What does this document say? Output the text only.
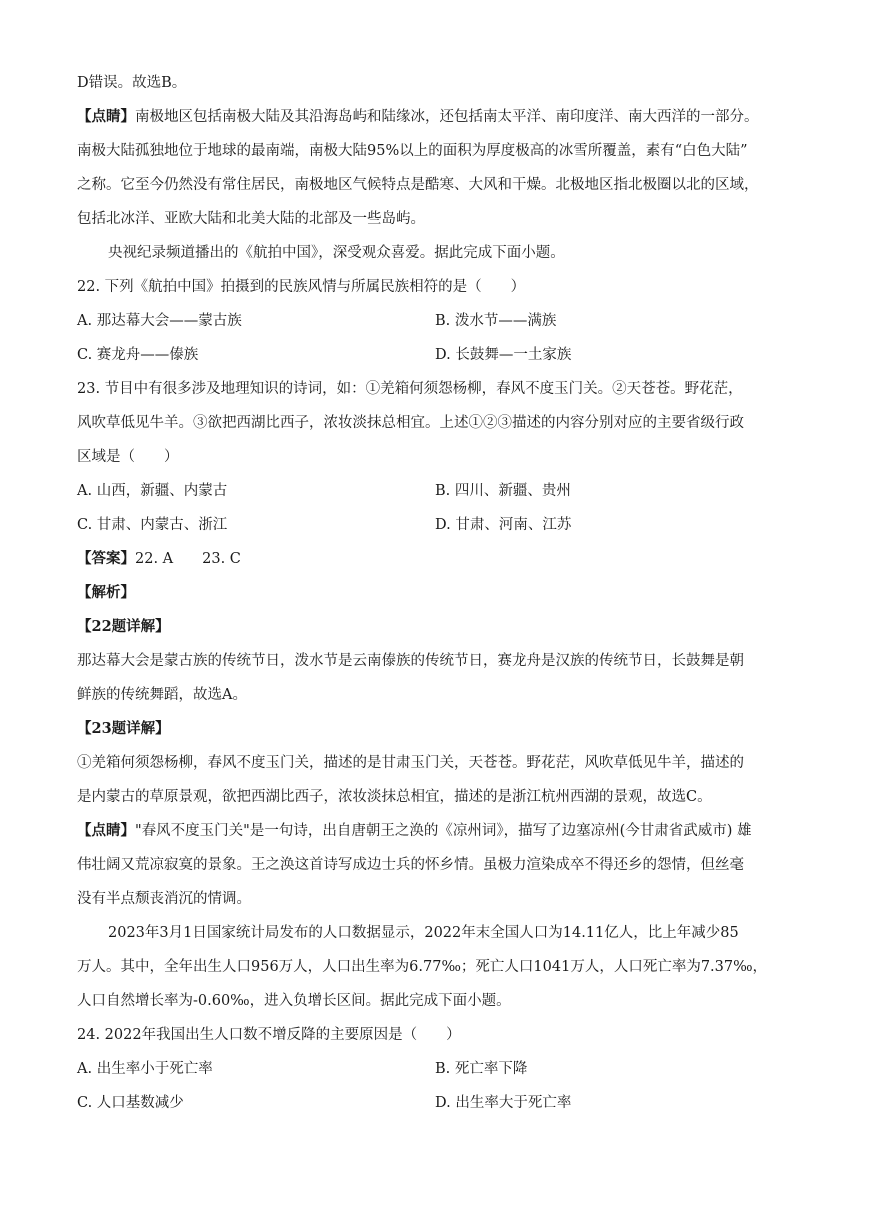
D错误。故选B。
【点睛】南极地区包括南极大陆及其沿海岛屿和陆缘冰，还包括南太平洋、南印度洋、南大西洋的一部分。
南极大陆孤独地位于地球的最南端，南极大陆95%以上的面积为厚度极高的冰雪所覆盖，素有“白色大陆”
之称。它至今仍然没有常住居民，南极地区气候特点是酷寒、大风和干燥。北极地区指北极圈以北的区域，
包括北冰洋、亚欧大陆和北美大陆的北部及一些岛屿。
央视纪录频道播出的《航拍中国》，深受观众喜爱。据此完成下面小题。
22. 下列《航拍中国》拍摄到的民族风情与所属民族相符的是（　　）
A. 那达幕大会——蒙古族	B. 泼水节——满族
C. 赛龙舟——傣族	D. 长鼓舞—一土家族
23. 节目中有很多涉及地理知识的诗词，如：①羌箱何须怨杨柳，春风不度玉门关。②天苍苍。野花茫，
风吹草低见牛羊。③欲把西湖比西子，浓妆淡抹总相宜。上述①②③描述的内容分别对应的主要省级行政
区域是（　　）
A. 山西，新疆、内蒙古	B. 四川、新疆、贵州
C. 甘肃、内蒙古、浙江	D. 甘肃、河南、江苏
【答案】22. A　　23. C
【解析】
【22题详解】
那达幕大会是蒙古族的传统节日，泼水节是云南傣族的传统节日，赛龙舟是汉族的传统节日，长鼓舞是朝
鲜族的传统舞蹈，故选A。
【23题详解】
①羌箱何须怨杨柳，春风不度玉门关，描述的是甘肃玉门关，天苍苍。野花茫，风吹草低见牛羊，描述的
是内蒙古的草原景观，欲把西湖比西子，浓妆淡抹总相宜，描述的是浙江杭州西湖的景观，故选C。
【点睛】"春风不度玉门关"是一句诗，出自唐朝王之涣的《凉州词》，描写了边塞凉州(今甘肃省武威市) 雄
伟壮阔又荒凉寂寞的景象。王之涣这首诗写成边士兵的怀乡情。虽极力渲染成卒不得还乡的怨情，但丝毫
没有半点颓丧消沉的情调。
2023年3月1日国家统计局发布的人口数据显示，2022年末全国人口为14.11亿人，比上年减少85
万人。其中，全年出生人口956万人，人口出生率为6.77‰；死亡人口1041万人，人口死亡率为7.37‰，
人口自然增长率为-0.60‰，进入负增长区间。据此完成下面小题。
24. 2022年我国出生人口数不增反降的主要原因是（　　）
A. 出生率小于死亡率	B. 死亡率下降
C. 人口基数减少	D. 出生率大于死亡率
